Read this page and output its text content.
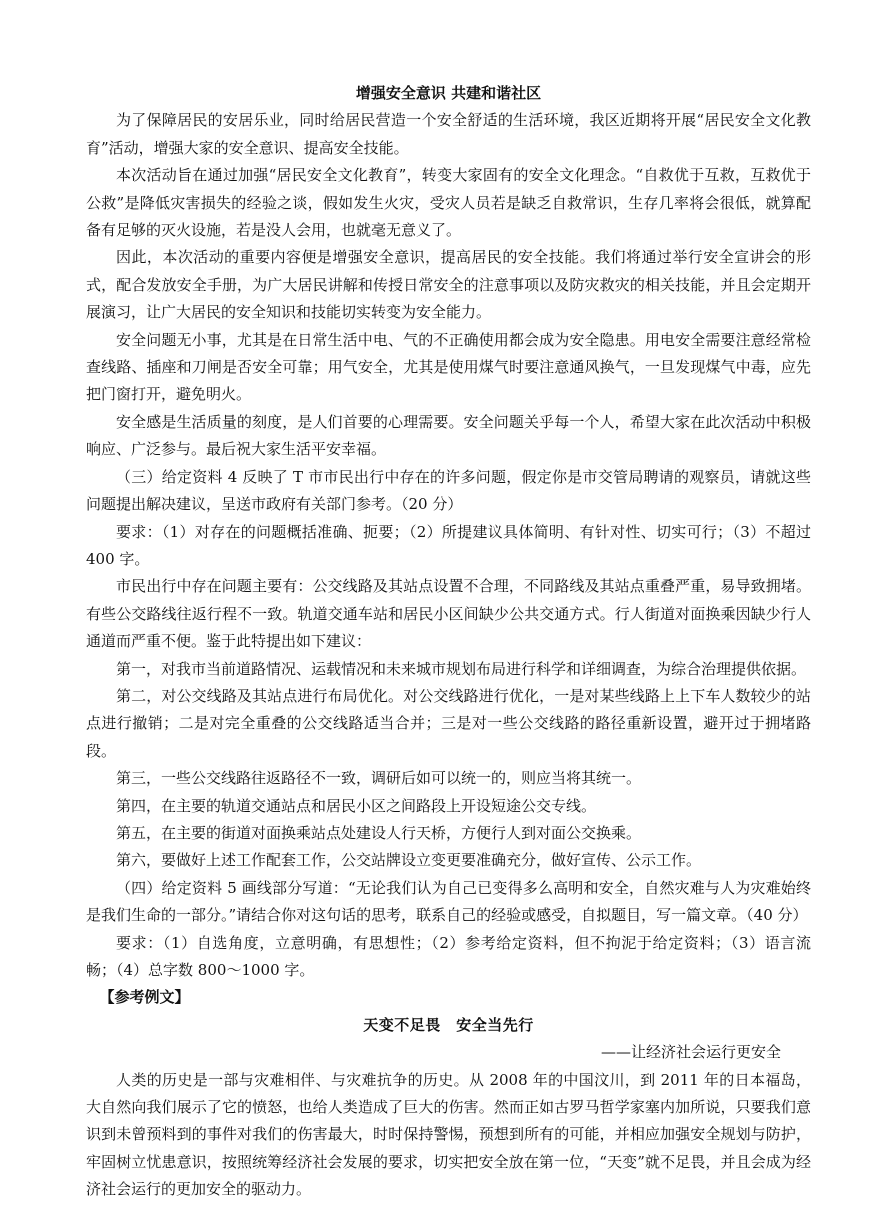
增强安全意识 共建和谐社区

为了保障居民的安居乐业，同时给居民营造一个安全舒适的生活环境，我区近期将开展“居民安全文化教育”活动，增强大家的安全意识、提高安全技能。

本次活动旨在通过加强“居民安全文化教育”，转变大家固有的安全文化理念。“自救优于互救，互救优于公救”是降低灾害损失的经验之谈，假如发生火灾，受灾人员若是缺乏自救常识，生存几率将会很低，就算配备有足够的灭火设施，若是没人会用，也就毫无意义了。

因此，本次活动的重要内容便是增强安全意识，提高居民的安全技能。我们将通过举行安全宣讲会的形式，配合发放安全手册，为广大居民讲解和传授日常安全的注意事项以及防灾救灾的相关技能，并且会定期开展演习，让广大居民的安全知识和技能切实转变为安全能力。

安全问题无小事，尤其是在日常生活中电、气的不正确使用都会成为安全隐患。用电安全需要注意经常检查线路、插座和刀闸是否安全可靠；用气安全，尤其是使用煤气时要注意通风换气，一旦发现煤气中毒，应先把门窗打开，避免明火。

安全感是生活质量的刻度，是人们首要的心理需要。安全问题关乎每一个人，希望大家在此次活动中积极响应、广泛参与。最后祝大家生活平安幸福。

（三）给定资料 4 反映了 T 市市民出行中存在的许多问题，假定你是市交管局聘请的观察员，请就这些问题提出解决建议，呈送市政府有关部门参考。（20 分）

要求：（1）对存在的问题概括准确、扼要；（2）所提建议具体简明、有针对性、切实可行；（3）不超过 400 字。

市民出行中存在问题主要有：公交线路及其站点设置不合理，不同路线及其站点重叠严重，易导致拥堵。有些公交路线往返行程不一致。轨道交通车站和居民小区间缺少公共交通方式。行人街道对面换乘因缺少行人通道而严重不便。鉴于此特提出如下建议：

第一，对我市当前道路情况、运载情况和未来城市规划布局进行科学和详细调查，为综合治理提供依据。

第二，对公交线路及其站点进行布局优化。对公交线路进行优化，一是对某些线路上上下车人数较少的站点进行撤销；二是对完全重叠的公交线路适当合并；三是对一些公交线路的路径重新设置，避开过于拥堵路段。

第三，一些公交线路往返路径不一致，调研后如可以统一的，则应当将其统一。

第四，在主要的轨道交通站点和居民小区之间路段上开设短途公交专线。

第五，在主要的街道对面换乘站点处建设人行天桥，方便行人到对面公交换乘。

第六，要做好上述工作配套工作，公交站牌设立变更要准确充分，做好宣传、公示工作。

（四）给定资料 5 画线部分写道：“无论我们认为自己已变得多么高明和安全，自然灾难与人为灾难始终是我们生命的一部分。”请结合你对这句话的思考，联系自己的经验或感受，自拟题目，写一篇文章。（40 分）

要求：（1）自选角度，立意明确，有思想性；（2）参考给定资料，但不拘泥于给定资料；（3）语言流畅；（4）总字数 800～1000 字。

【参考例文】

天变不足畏　安全当先行

——让经济社会运行更安全

人类的历史是一部与灾难相伴、与灾难抗争的历史。从 2008 年的中国汶川，到 2011 年的日本福岛，大自然向我们展示了它的愤怒，也给人类造成了巨大的伤害。然而正如古罗马哲学家塞内加所说，只要我们意识到未曾预料到的事件对我们的伤害最大，时时保持警惕，预想到所有的可能，并相应加强安全规划与防护，牢固树立忧患意识，按照统筹经济社会发展的要求，切实把安全放在第一位，“天变”就不足畏，并且会成为经济社会运行的更加安全的驱动力。
